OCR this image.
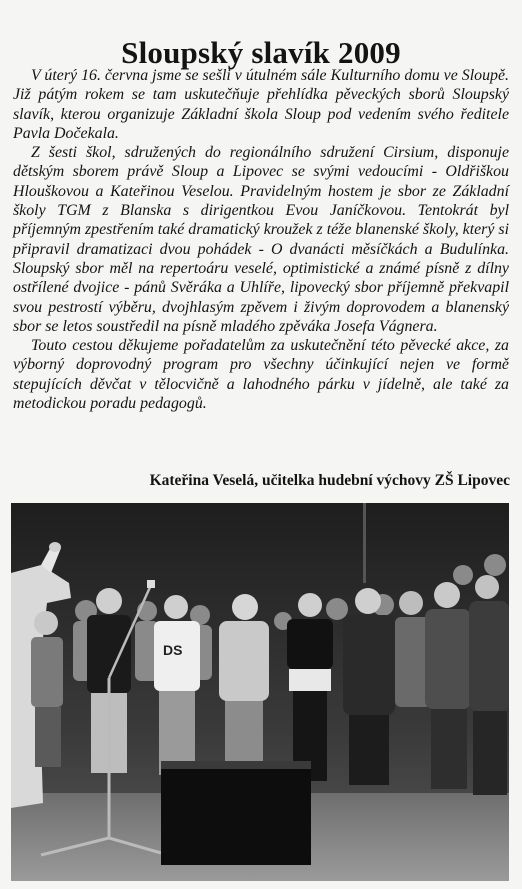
Sloupský slavík 2009

V úterý 16. června jsme se sešli v útulném sále Kulturního domu ve Sloupě. Již pátým rokem se tam uskutečňuje přehlídka pěveckých sborů Sloupský slavík, kterou organizuje Základní škola Sloup pod vedením svého ředitele Pavla Dočekala.

Z šesti škol, sdružených do regionálního sdružení Cirsium, disponuje dětským sborem právě Sloup a Lipovec se svými vedoucími - Oldřiškou Hlouškovou a Kateřinou Veselou. Pravidelným hostem je sbor ze Základní školy TGM z Blanska s dirigentkou Evou Janíčkovou. Tentokrát byl příjemným zpestřením také dramatický kroužek z téže blanenské školy, který si připravil dramatizaci dvou pohádek - O dvanácti měsíčkách a Budulínka. Sloupský sbor měl na repertoáru veselé, optimistické a známé písně z dílny ostřílené dvojice - pánů Svěráka a Uhlíře, lipovecký sbor příjemně překvapil svou pestrostí výběru, dvojhlasým zpěvem i živým doprovodem a blanenský sbor se letos soustředil na písně mladého zpěváka Josefa Vágnera.

Touto cestou děkujeme pořadatelům za uskutečnění této pěvecké akce, za výborný doprovodný program pro všechny účinkující nejen ve formě stepujících děvčat v tělocvičně a lahodného párku v jídelně, ale také za metodickou poradu pedagogů.

Kateřina Veselá, učitelka hudební výchovy ZŠ Lipovec
DS
